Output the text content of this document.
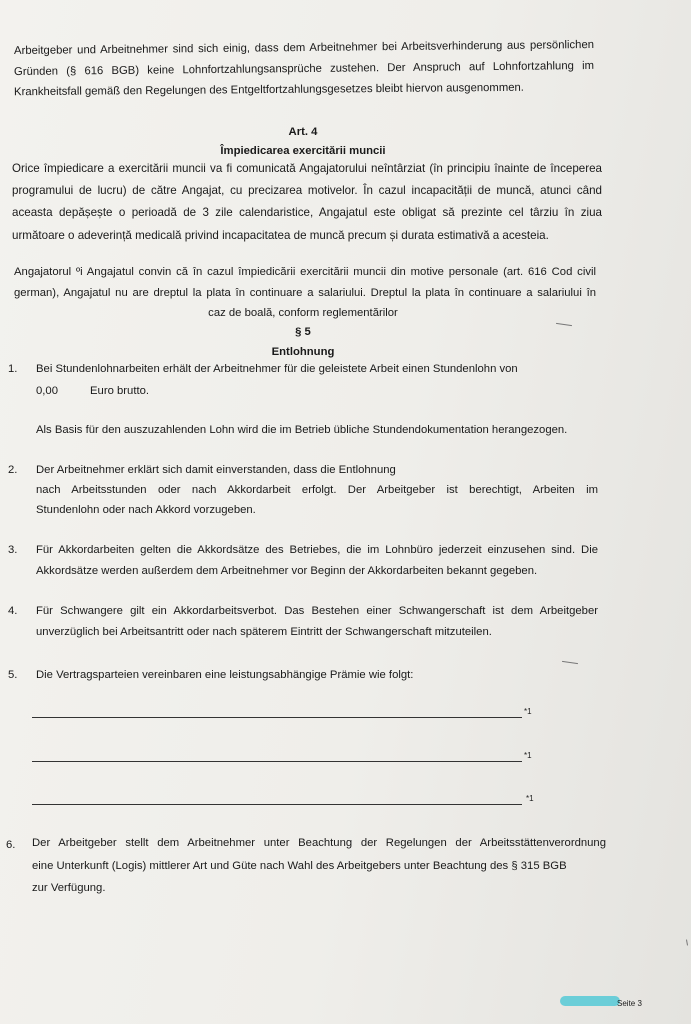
Arbeitgeber und Arbeitnehmer sind sich einig, dass dem Arbeitnehmer bei Arbeitsverhinderung aus persönlichen
Gründen (§ 616 BGB) keine Lohnfortzahlungsansprüche zustehen. Der Anspruch auf Lohnfortzahlung im
Krankheitsfall gemäß den Regelungen des Entgeltfortzahlungsgesetzes bleibt hiervon ausgenommen.
Art. 4
Împiedicarea exercitării muncii
Orice împiedicare a exercitării muncii va fi comunicată Angajatorului neîntârziat (în principiu înainte de începerea
programului de lucru) de către Angajat, cu precizarea motivelor. În cazul incapacității de muncă, atunci când
aceasta depășește o perioadă de 3 zile calendaristice, Angajatul este obligat să prezinte cel târziu în ziua
următoare o adeverință medicală privind incapacitatea de muncă precum și durata estimativă a acesteia.
Angajatorul ºi Angajatul convin că în cazul împiedicării exercitării muncii din motive personale (art. 616 Cod civil
german), Angajatul nu are dreptul la plata în continuare a salariului. Dreptul la plata în continuare a salariului în
caz de boală, conform reglementărilor
§ 5
Entlohnung
1. Bei Stundenlohnarbeiten erhält der Arbeitnehmer für die geleistete Arbeit einen Stundenlohn von
0,00	Euro brutto.
Als Basis für den auszuzahlenden Lohn wird die im Betrieb übliche Stundendokumentation herangezogen.
2. Der Arbeitnehmer erklärt sich damit einverstanden, dass die Entlohnung
nach Arbeitsstunden oder nach Akkordarbeit erfolgt. Der Arbeitgeber ist berechtigt, Arbeiten im
Stundenlohn oder nach Akkord vorzugeben.
3. Für Akkordarbeiten gelten die Akkordsätze des Betriebes, die im Lohnbüro jederzeit einzusehen sind. Die
Akkordsätze werden außerdem dem Arbeitnehmer vor Beginn der Akkordarbeiten bekannt gegeben.
4. Für Schwangere gilt ein Akkordarbeitsverbot. Das Bestehen einer Schwangerschaft ist dem Arbeitgeber
unverzüglich bei Arbeitsantritt oder nach späterem Eintritt der Schwangerschaft mitzuteilen.
5. Die Vertragsparteien vereinbaren eine leistungsabhängige Prämie wie folgt:
*1
*1
*1
6. Der Arbeitgeber stellt dem Arbeitnehmer unter Beachtung der Regelungen der Arbeitsstättenverordnung
eine Unterkunft (Logis) mittlerer Art und Güte nach Wahl des Arbeitgebers unter Beachtung des § 315 BGB
zur Verfügung.
Seite 3
